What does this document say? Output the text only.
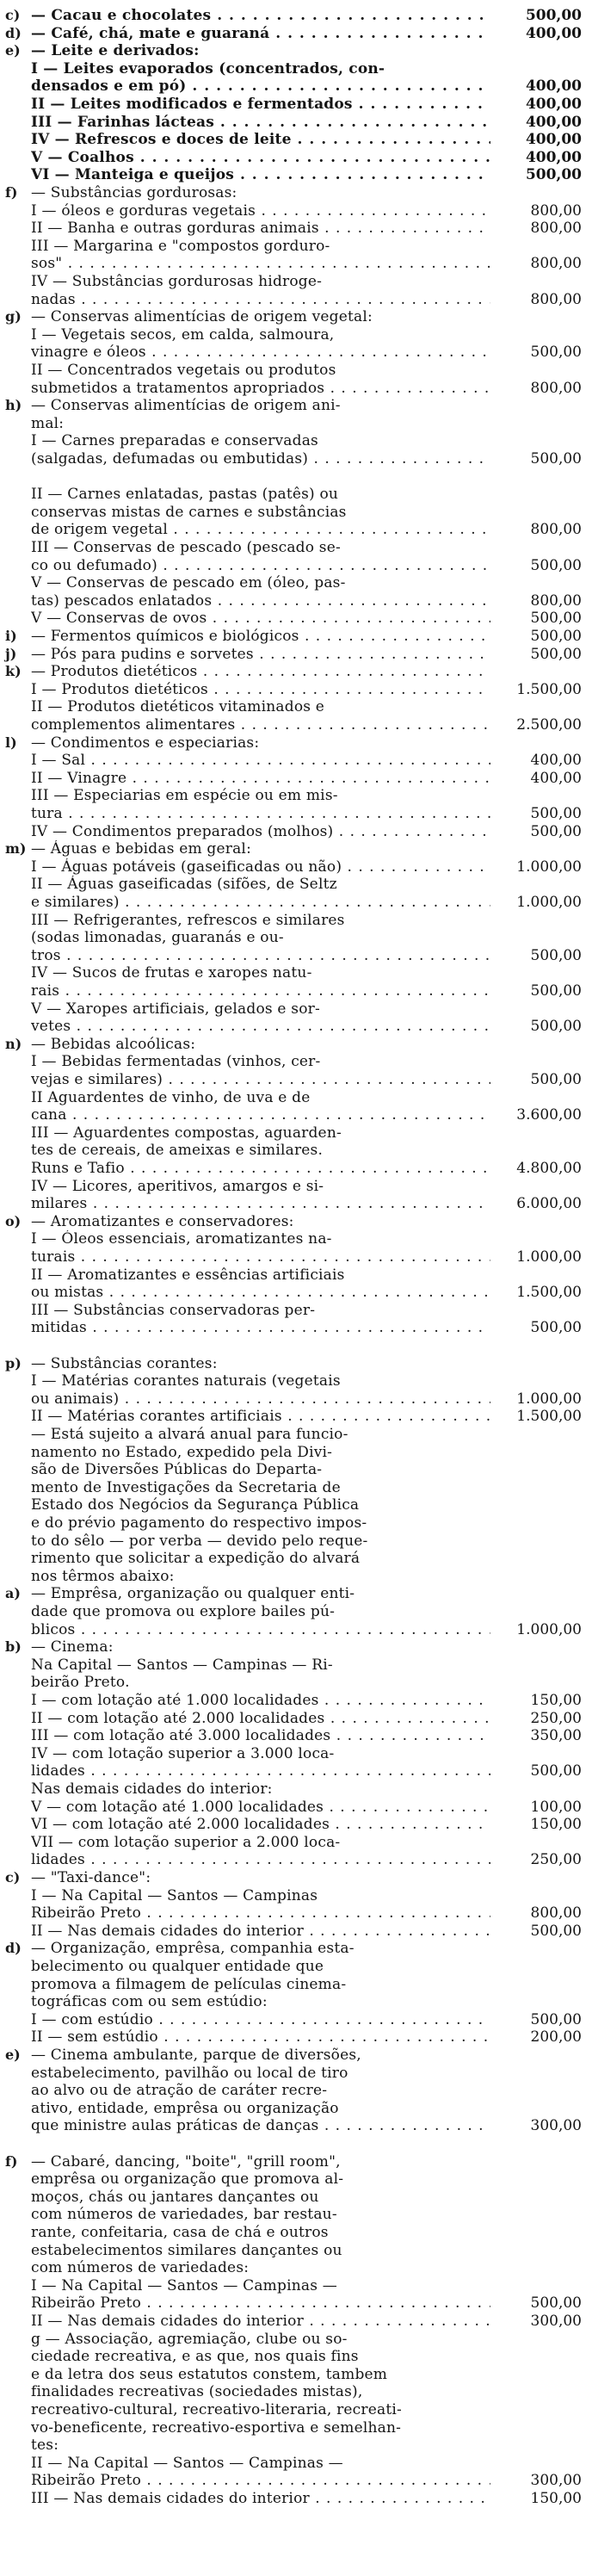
c) — Cacau e chocolates . . .	500,00
d) — Café, chá, mate e guaraná . . .	400,00
e) — Leite e derivados:
I — Leites evaporados (concentrados, con-
densados e em pó) . . .	400,00
II — Leites modificados e fermentados . . .	400,00
III — Farinhas lácteas . . .	400,00
IV — Refrescos e doces de leite . . .	400,00
V — Coalhos . . .	400,00
VI — Manteiga e queijos . . .	500,00
f) — Substâncias gordurosas:
I — óleos e gorduras vegetais . . .	800,00
II — Banha e outras gorduras animais . . .	800,00
III — Margarina e "compostos gorduro-
sos" . . .	800,00
IV — Substâncias gordurosas hidroge-
nadas . . .	800,00
g) — Conservas alimentícias de origem vegetal:
I — Vegetais secos, em calda, salmoura,
vinagre e óleos . . .	500,00
II — Concentrados vegetais ou produtos
submetidos a tratamentos apropriados . . .	800,00
h) — Conservas alimentícias de origem ani-
mal:
I — Carnes preparadas e conservadas
(salgadas, defumadas ou embutidas) . . .	500,00
II — Carnes enlatadas, pastas (patês) ou
conservas mistas de carnes e substâncias
de origem vegetal . . .	800,00
III — Conservas de pescado (pescado se-
co ou defumado) . . .	500,00
V — Conservas de pescado em (óleo, pas-
tas) pescados enlatados . . .	800,00
V — Conservas de ovos . . .	500,00
i) — Fermentos químicos e biológicos . . .	500,00
j) — Pós para pudins e sorvetes . . .	500,00
k) — Produtos dietéticos . . .
I — Produtos dietéticos . . .	1.500,00
II — Produtos dietéticos vitaminados e
complementos alimentares . . .	2.500,00
l) — Condimentos e especiarias:
I — Sal . . .	400,00
II — Vinagre . . .	400,00
III — Especiarias em espécie ou em mis-
tura . . .	500,00
IV — Condimentos preparados (molhos) . . .	500,00
m) — Águas e bebidas em geral:
I — Águas potáveis (gaseificadas ou não) . . .	1.000,00
II — Águas gaseificadas (sifões, de Seltz
e similares) . . .	1.000,00
III — Refrigerantes, refrescos e similares
(sodas limonadas, guaranás e ou-
tros . . .	500,00
IV — Sucos de frutas e xaropes natu-
rais . . .	500,00
V — Xaropes artificiais, gelados e sor-
vetes . . .	500,00
n) — Bebidas alcoólicas:
I — Bebidas fermentadas (vinhos, cer-
vejas e similares) . . .	500,00
II Aguardentes de vinho, de uva e de
cana . . .	3.600,00
III — Aguardentes compostas, aguarden-
tes de cereais, de ameixas e similares.
Runs e Tafio . . .	4.800,00
IV — Licores, aperitivos, amargos e si-
milares . . .	6.000,00
o) — Aromatizantes e conservadores:
I — Óleos essenciais, aromatizantes na-
turais . . .	1.000,00
II — Aromatizantes e essências artificiais
ou mistas . . .	1.500,00
III — Substâncias conservadoras per-
mitidas . . .	500,00
p) — Substâncias corantes:
I — Matérias corantes naturais (vegetais
ou animais) . . .	1.000,00
II — Matérias corantes artificiais . . .	1.500,00
— Está sujeito a alvará anual para funcio-
namento no Estado, expedido pela Divi-
são de Diversões Públicas do Departa-
mento de Investigações da Secretaria de
Estado dos Negócios da Segurança Pública
e do prévio pagamento do respectivo impos-
to do sêlo — por verba — devido pelo reque-
rimento que solicitar a expedição do alvará
nos têrmos abaixo:
a) — Emprêsa, organização ou qualquer enti-
dade que promova ou explore bailes pú-
blicos . . .	1.000,00
b) — Cinema:
Na Capital — Santos — Campinas — Ri-
beirão Preto.
I — com lotação até 1.000 localidades . . .	150,00
II — com lotação até 2.000 localidades . . .	250,00
III — com lotação até 3.000 localidades . . .	350,00
IV — com lotação superior a 3.000 loca-
lidades . . .	500,00
Nas demais cidades do interior:
V — com lotação até 1.000 localidades . . .	100,00
VI — com lotação até 2.000 localidades . . .	150,00
VII — com lotação superior a 2.000 loca-
lidades . . .	250,00
c) — "Taxi-dance":
I — Na Capital — Santos — Campinas
Ribeirão Preto . . .	800,00
II — Nas demais cidades do interior . . .	500,00
d) — Organização, emprêsa, companhia esta-
belecimento ou qualquer entidade que
promova a filmagem de películas cinema-
tográficas com ou sem estúdio:
I — com estúdio . . .	500,00
II — sem estúdio . . .	200,00
e) — Cinema ambulante, parque de diversões,
estabelecimento, pavilhão ou local de tiro
ao alvo ou de atração de caráter recre-
ativo, entidade, emprêsa ou organização
que ministre aulas práticas de danças . . .	300,00
f) — Cabaré, dancing, "boite", "grill room",
emprêsa ou organização que promova al-
moços, chás ou jantares dançantes ou
com números de variedades, bar restau-
rante, confeitaria, casa de chá e outros
estabelecimentos similares dançantes ou
com números de variedades:
I — Na Capital — Santos — Campinas —
Ribeirão Preto . . .	500,00
II — Nas demais cidades do interior . . .	300,00
g — Associação, agremiação, clube ou so-
ciedade recreativa, e as que, nos quais fins
e da letra dos seus estatutos constem, tambem
finalidades recreativas (sociedades mistas),
recreativo-cultural, recreativo-literaria, recreati-
vo-beneficente, recreativo-esportiva e semelhan-
tes:
II — Na Capital — Santos — Campinas —
Ribeirão Preto . . .	300,00
III — Nas demais cidades do interior . . .	150,00
